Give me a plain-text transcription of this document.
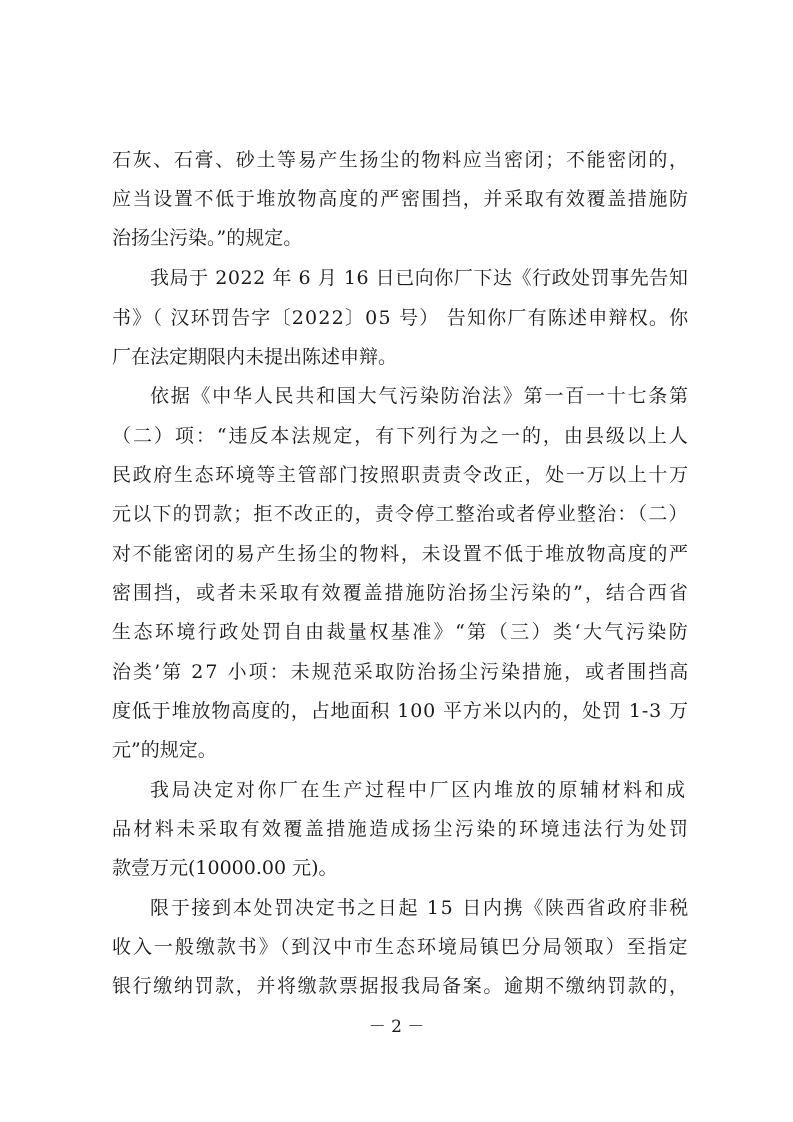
石灰、石膏、砂土等易产生扬尘的物料应当密闭；不能密闭的，
应当设置不低于堆放物高度的严密围挡，并采取有效覆盖措施防
治扬尘污染。”的规定。
我局于 2022 年 6 月 16 日已向你厂下达《行政处罚事先告知
书》（ 汉环罚告字〔2022〕05 号） 告知你厂有陈述申辩权。你
厂在法定期限内未提出陈述申辩。
依据《中华人民共和国大气污染防治法》第一百一十七条第
（二）项：“违反本法规定，有下列行为之一的，由县级以上人
民政府生态环境等主管部门按照职责责令改正，处一万以上十万
元以下的罚款；拒不改正的，责令停工整治或者停业整治：（二）
对不能密闭的易产生扬尘的物料，未设置不低于堆放物高度的严
密围挡，或者未采取有效覆盖措施防治扬尘污染的”，结合西省
生态环境行政处罚自由裁量权基准》“第（三）类‘大气污染防
治类’第 27 小项：未规范采取防治扬尘污染措施，或者围挡高
度低于堆放物高度的，占地面积 100 平方米以内的，处罚 1-3 万
元”的规定。
我局决定对你厂在生产过程中厂区内堆放的原辅材料和成
品材料未采取有效覆盖措施造成扬尘污染的环境违法行为处罚
款壹万元(10000.00 元)。
限于接到本处罚决定书之日起 15 日内携《陕西省政府非税
收入一般缴款书》（到汉中市生态环境局镇巴分局领取）至指定
银行缴纳罚款，并将缴款票据报我局备案。逾期不缴纳罚款的，
－ 2 －
